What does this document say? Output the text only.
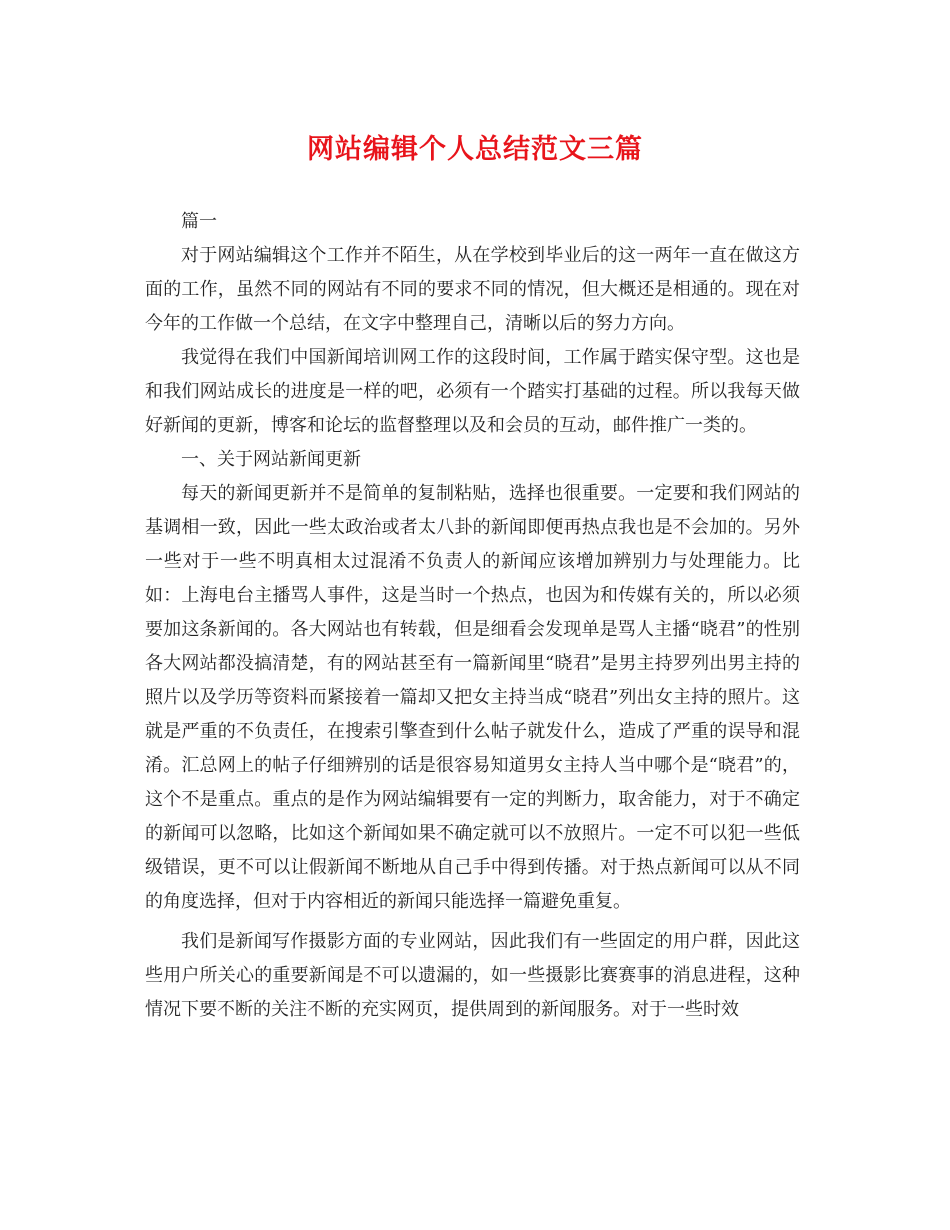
网站编辑个人总结范文三篇

篇一

对于网站编辑这个工作并不陌生，从在学校到毕业后的这一两年一直在做这方面的工作，虽然不同的网站有不同的要求不同的情况，但大概还是相通的。现在对今年的工作做一个总结，在文字中整理自己，清晰以后的努力方向。

我觉得在我们中国新闻培训网工作的这段时间，工作属于踏实保守型。这也是和我们网站成长的进度是一样的吧，必须有一个踏实打基础的过程。所以我每天做好新闻的更新，博客和论坛的监督整理以及和会员的互动，邮件推广一类的。

一、关于网站新闻更新

每天的新闻更新并不是简单的复制粘贴，选择也很重要。一定要和我们网站的基调相一致，因此一些太政治或者太八卦的新闻即便再热点我也是不会加的。另外一些对于一些不明真相太过混淆不负责人的新闻应该增加辨别力与处理能力。比如：上海电台主播骂人事件，这是当时一个热点，也因为和传媒有关的，所以必须要加这条新闻的。各大网站也有转载，但是细看会发现单是骂人主播“晓君”的性别各大网站都没搞清楚，有的网站甚至有一篇新闻里“晓君”是男主持罗列出男主持的照片以及学历等资料而紧接着一篇却又把女主持当成“晓君”列出女主持的照片。这就是严重的不负责任，在搜索引擎查到什么帖子就发什么，造成了严重的误导和混淆。汇总网上的帖子仔细辨别的话是很容易知道男女主持人当中哪个是“晓君”的，这个不是重点。重点的是作为网站编辑要有一定的判断力，取舍能力，对于不确定的新闻可以忽略，比如这个新闻如果不确定就可以不放照片。一定不可以犯一些低级错误，更不可以让假新闻不断地从自己手中得到传播。对于热点新闻可以从不同的角度选择，但对于内容相近的新闻只能选择一篇避免重复。

我们是新闻写作摄影方面的专业网站，因此我们有一些固定的用户群，因此这些用户所关心的重要新闻是不可以遗漏的，如一些摄影比赛赛事的消息进程，这种情况下要不断的关注不断的充实网页，提供周到的新闻服务。对于一些时效
